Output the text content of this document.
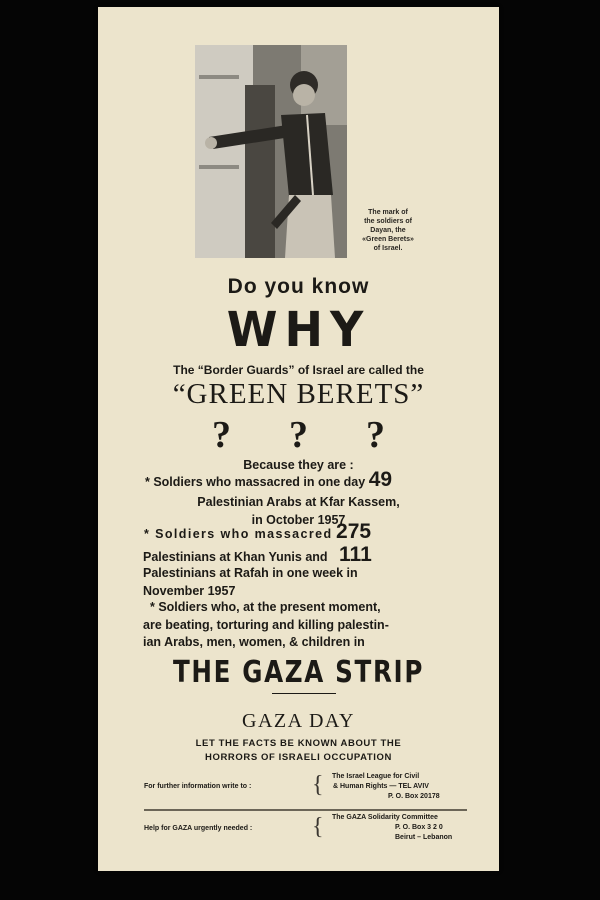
The mark of
the soldiers of
Dayan, the
«Green Berets»
of Israel.
Do you know
WHY
The “Border Guards” of Israel are called the
“GREEN BERETS”
? ? ?
Because they are :
* Soldiers who massacred in one day 49
Palestinian Arabs at Kfar Kassem,
in October 1957
* Soldiers who massacred 275
Palestinians at Khan Yunis and 111
Palestinians at Rafah in one week in
November 1957
* Soldiers who, at the present moment,
are beating, torturing and killing palestin-
ian Arabs, men, women, & children in
THE GAZA STRIP
GAZA DAY
LET THE FACTS BE KNOWN ABOUT THE
HORRORS OF ISRAELI OCCUPATION
For further information write to :	{ The Israel League for Civil
& Human Rights — TEL AVIV
P. O. Box 20178
Help for GAZA urgently needed : { The GAZA Solidarity Committee
P. O. Box 3 2 0
Beirut – Lebanon
